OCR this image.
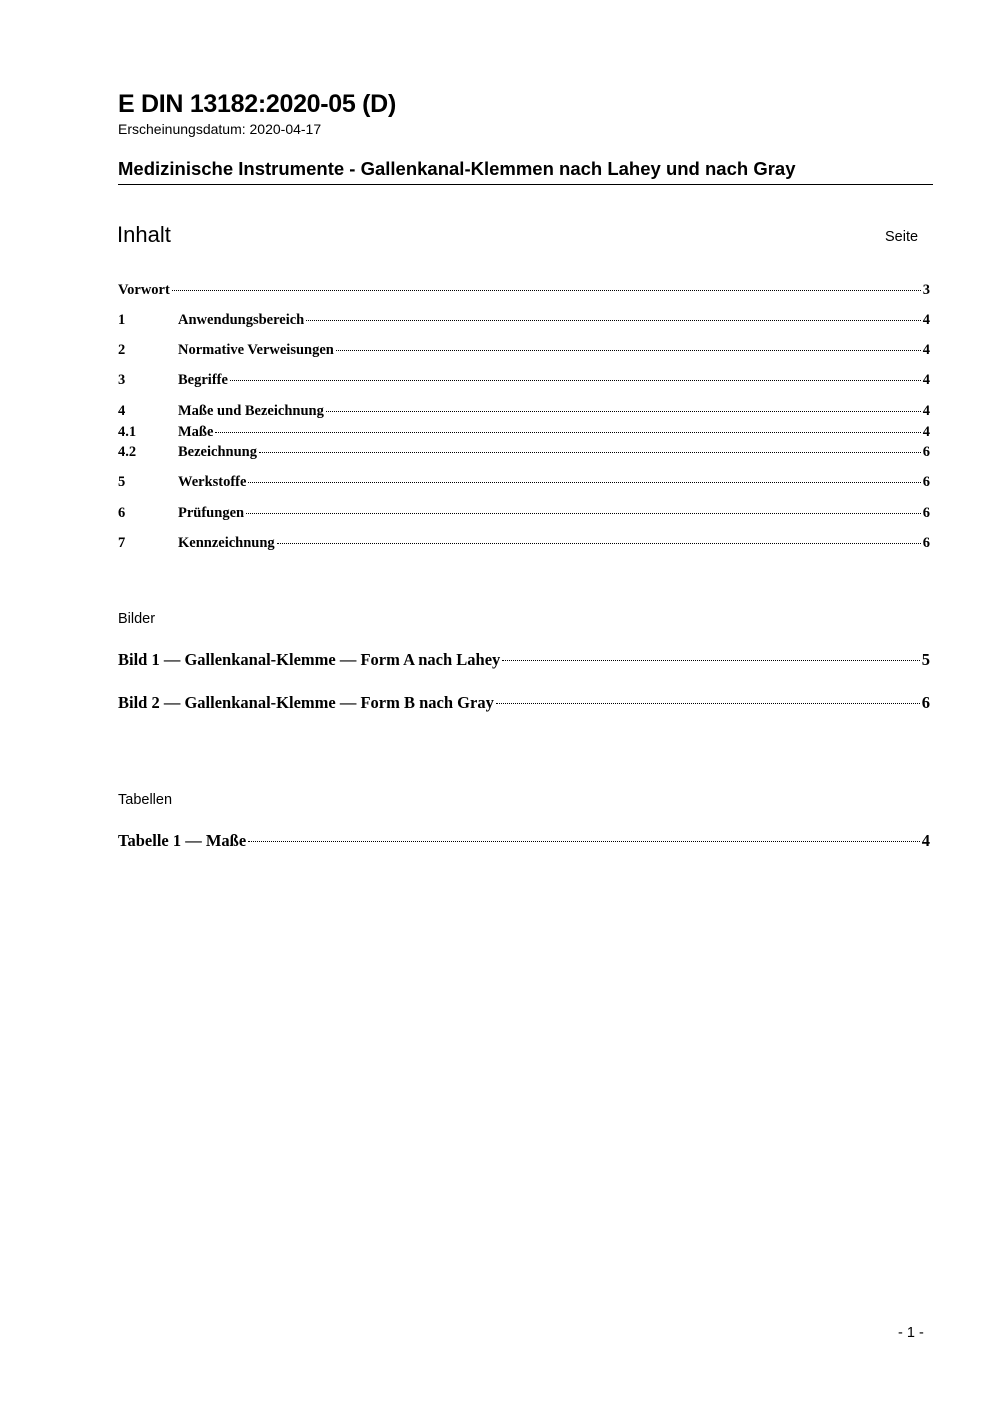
E DIN 13182:2020-05 (D)
Erscheinungsdatum: 2020-04-17
Medizinische Instrumente - Gallenkanal-Klemmen nach Lahey und nach Gray
Inhalt	Seite
Vorwort	3
1	Anwendungsbereich	4
2	Normative Verweisungen	4
3	Begriffe	4
4	Maße und Bezeichnung	4
4.1	Maße	4
4.2	Bezeichnung	6
5	Werkstoffe	6
6	Prüfungen	6
7	Kennzeichnung	6
Bilder
Bild 1 — Gallenkanal-Klemme — Form A nach Lahey	5
Bild 2 — Gallenkanal-Klemme — Form B nach Gray	6
Tabellen
Tabelle 1 — Maße	4
- 1 -
